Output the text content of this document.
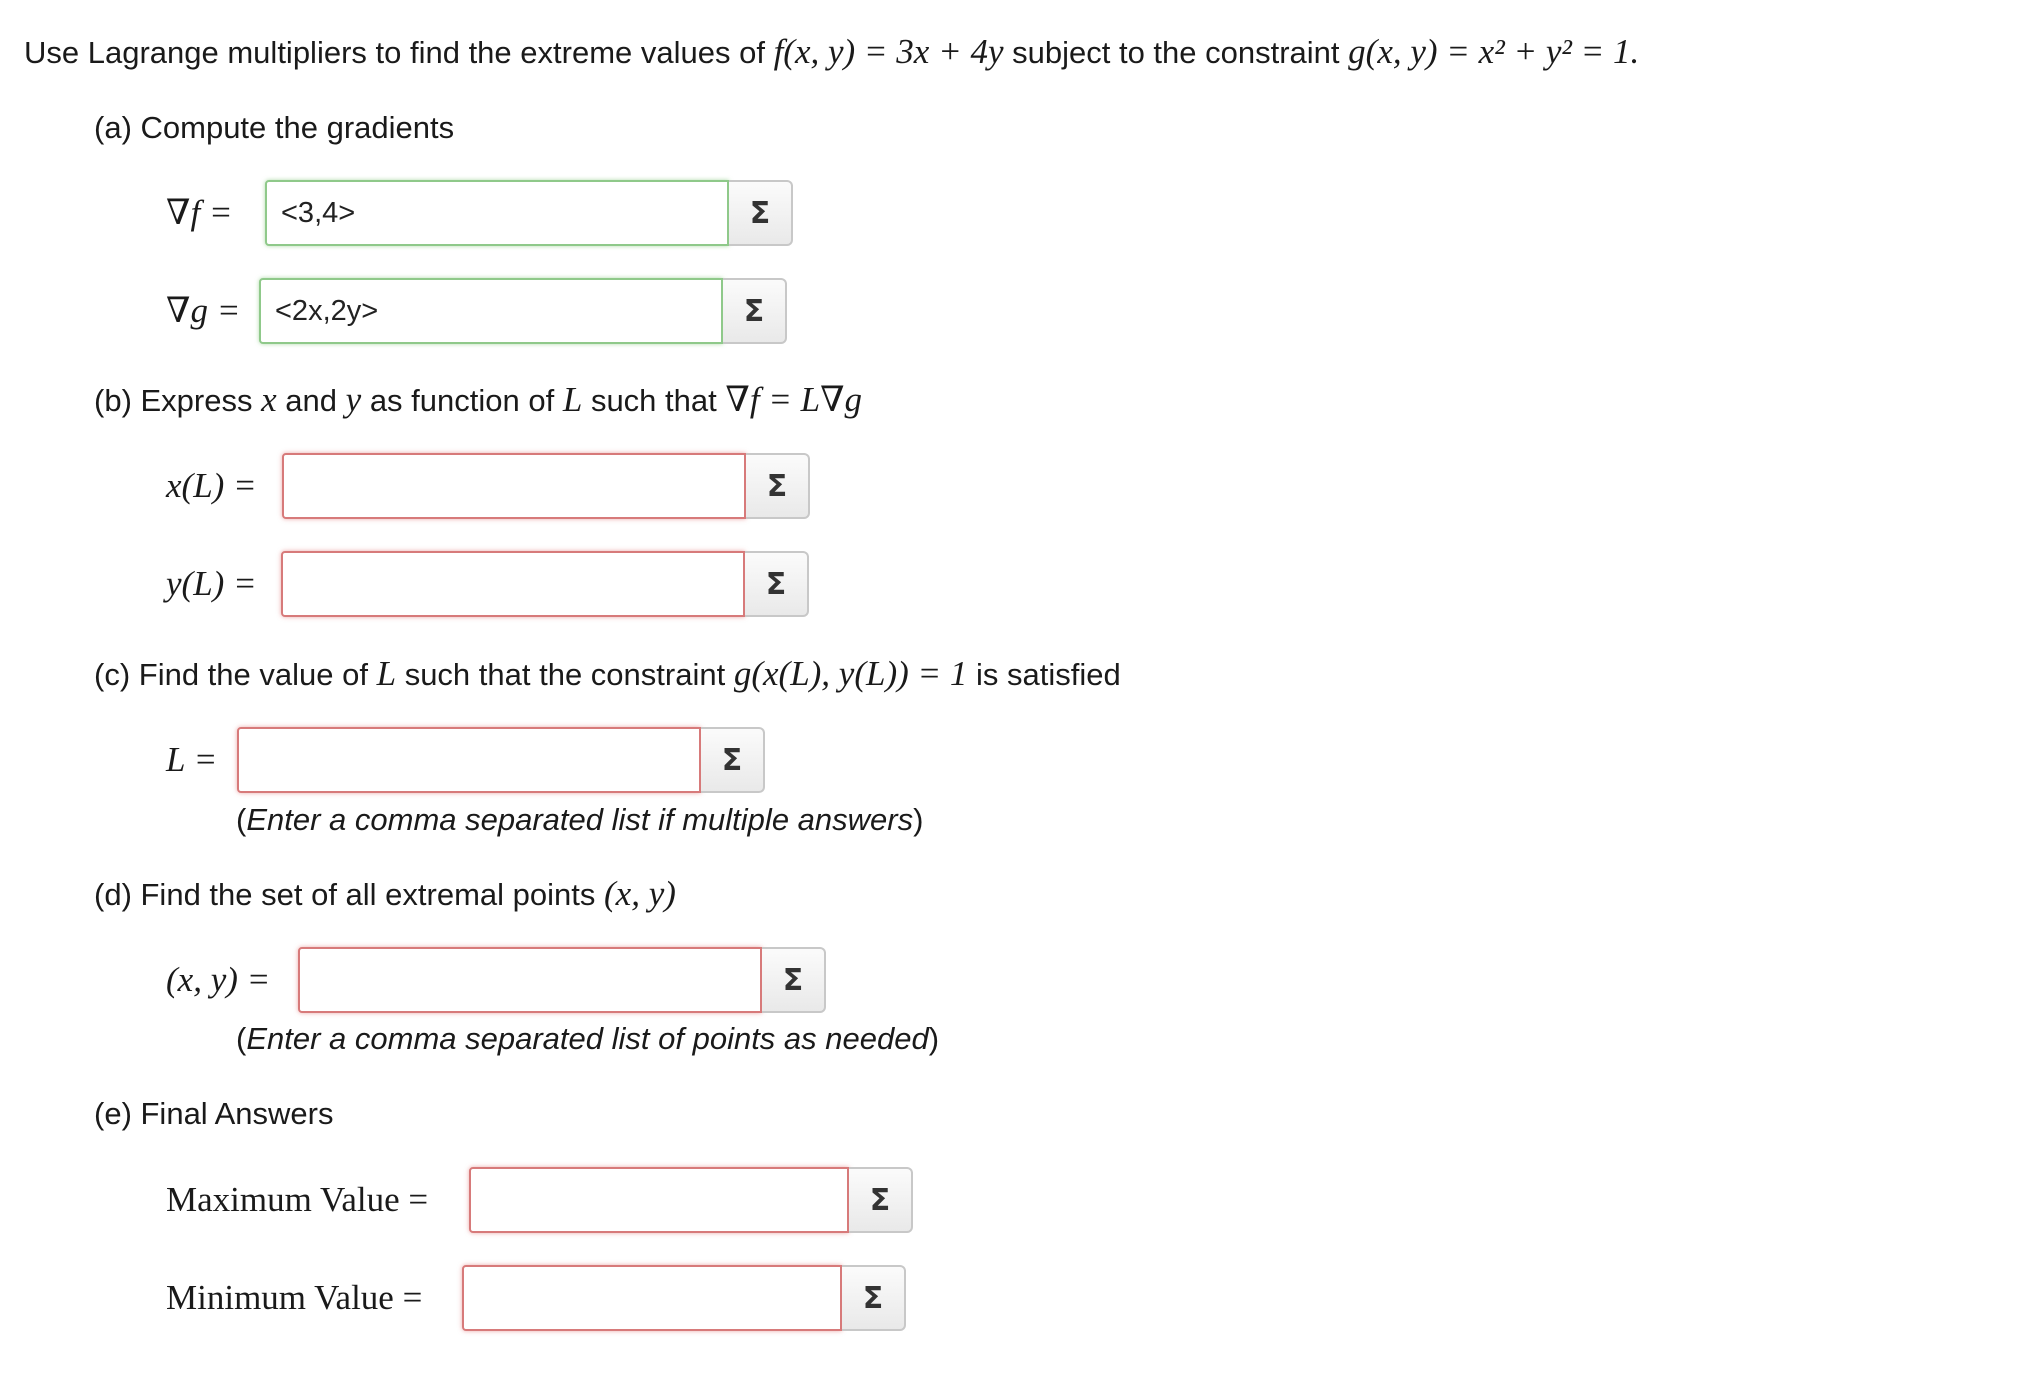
Use Lagrange multipliers to find the extreme values of f(x, y) = 3x + 4y subject to the constraint g(x, y) = x² + y² = 1.
(a) Compute the gradients
∇f =
<3,4>	Σ
∇g =
<2x,2y>	Σ
(b) Express x and y as function of L such that ∇f = L∇g
x(L) =	Σ
y(L) =	Σ
(c) Find the value of L such that the constraint g(x(L), y(L)) = 1 is satisfied
L =	Σ
(Enter a comma separated list if multiple answers)
(d) Find the set of all extremal points (x, y)
(x, y) =	Σ
(Enter a comma separated list of points as needed)
(e) Final Answers
Maximum Value =	Σ
Minimum Value =	Σ
